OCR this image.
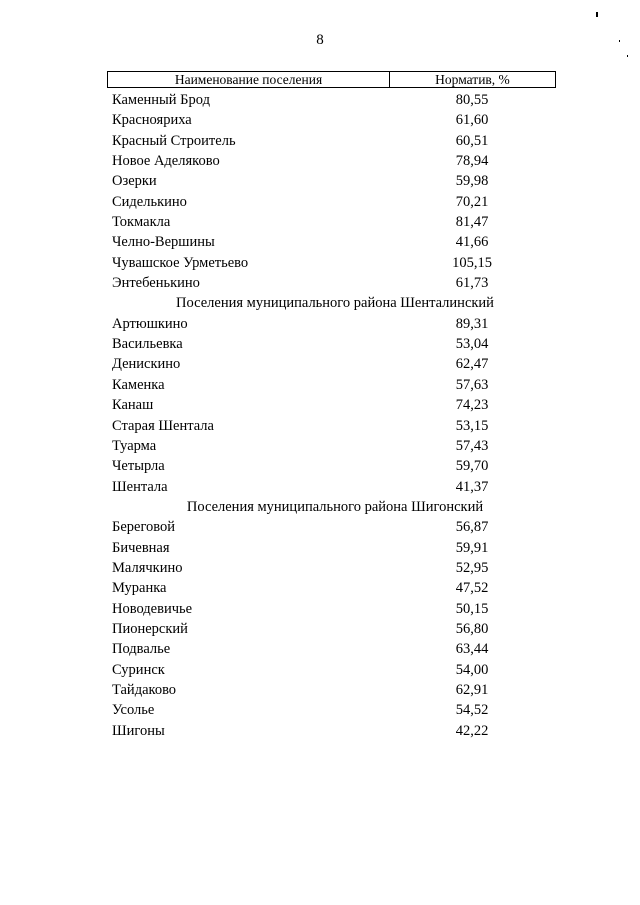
8
Наименование поселения	Норматив, %
Каменный Брод	80,55
Краснояриха	61,60
Красный Строитель	60,51
Новое Аделяково	78,94
Озерки	59,98
Сиделькино	70,21
Токмакла	81,47
Челно-Вершины	41,66
Чувашское Урметьево	105,15
Энтебенькино	61,73
Поселения муниципального района Шенталинский
Артюшкино	89,31
Васильевка	53,04
Денискино	62,47
Каменка	57,63
Канаш	74,23
Старая Шентала	53,15
Туарма	57,43
Четырла	59,70
Шентала	41,37
Поселения муниципального района Шигонский
Береговой	56,87
Бичевная	59,91
Малячкино	52,95
Муранка	47,52
Новодевичье	50,15
Пионерский	56,80
Подвалье	63,44
Суринск	54,00
Тайдаково	62,91
Усолье	54,52
Шигоны	42,22
